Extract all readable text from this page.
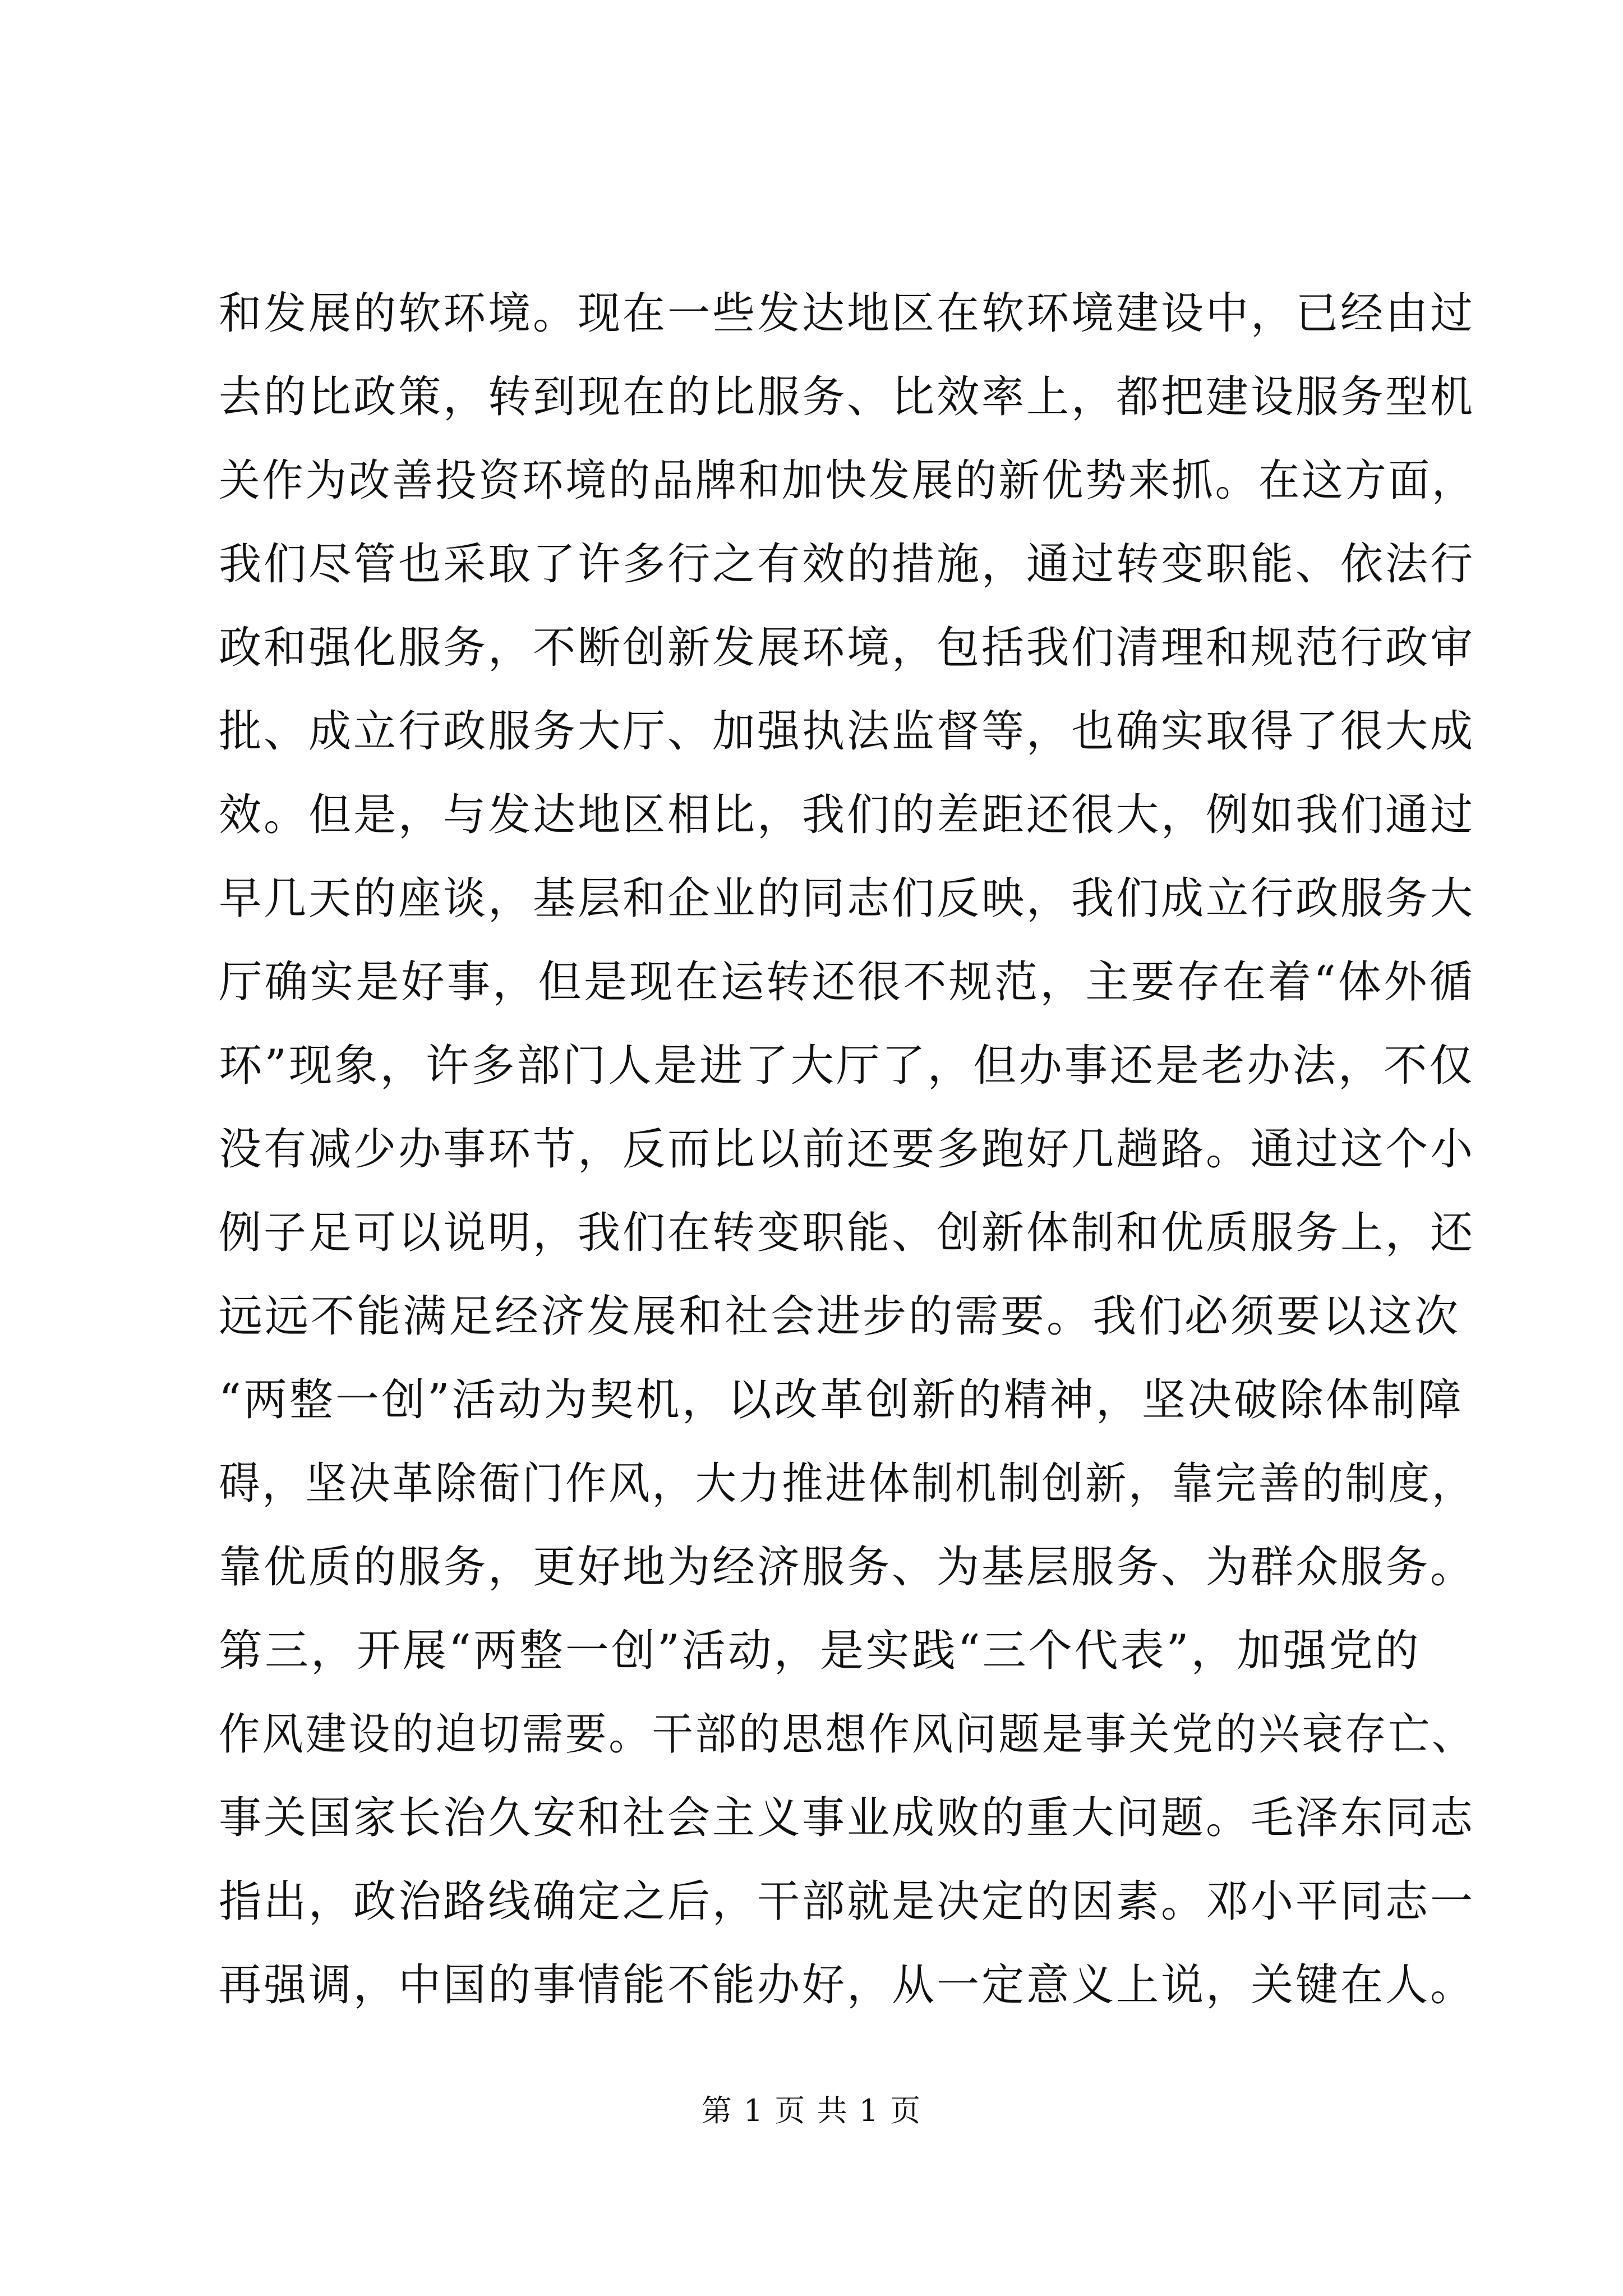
和发展的软环境。现在一些发达地区在软环境建设中，已经由过
去的比政策，转到现在的比服务、比效率上，都把建设服务型机
关作为改善投资环境的品牌和加快发展的新优势来抓。在这方面，
我们尽管也采取了许多行之有效的措施，通过转变职能、依法行
政和强化服务，不断创新发展环境，包括我们清理和规范行政审
批、成立行政服务大厅、加强执法监督等，也确实取得了很大成
效。但是，与发达地区相比，我们的差距还很大，例如我们通过
早几天的座谈，基层和企业的同志们反映，我们成立行政服务大
厅确实是好事，但是现在运转还很不规范，主要存在着“体外循
环”现象，许多部门人是进了大厅了，但办事还是老办法，不仅
没有减少办事环节，反而比以前还要多跑好几趟路。通过这个小
例子足可以说明，我们在转变职能、创新体制和优质服务上，还
远远不能满足经济发展和社会进步的需要。我们必须要以这次
“两整一创”活动为契机，以改革创新的精神，坚决破除体制障
碍，坚决革除衙门作风，大力推进体制机制创新，靠完善的制度，
靠优质的服务，更好地为经济服务、为基层服务、为群众服务。
第三，开展“两整一创”活动，是实践“三个代表”，加强党的
作风建设的迫切需要。干部的思想作风问题是事关党的兴衰存亡、
事关国家长治久安和社会主义事业成败的重大问题。毛泽东同志
指出，政治路线确定之后，干部就是决定的因素。邓小平同志一
再强调，中国的事情能不能办好，从一定意义上说，关键在人。
第 1 页 共 1 页
